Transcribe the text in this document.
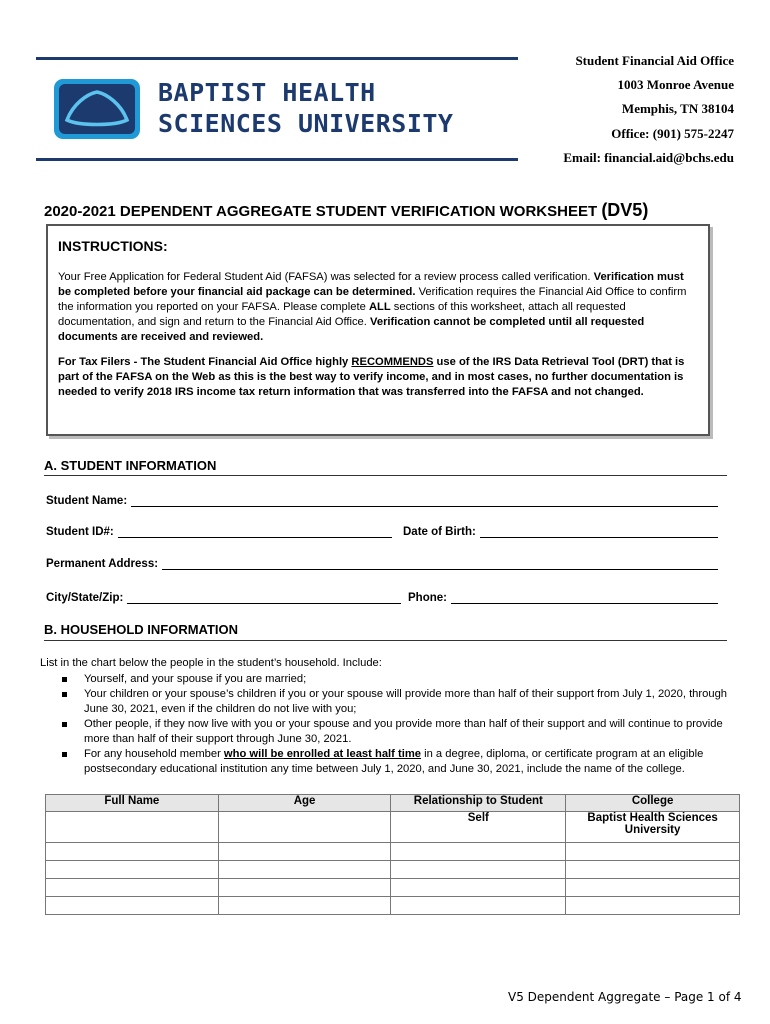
BAPTIST HEALTH
SCIENCES UNIVERSITY
Student Financial Aid Office
1003 Monroe Avenue
Memphis, TN 38104
Office: (901) 575-2247
Email: financial.aid@bchs.edu
2020-2021 DEPENDENT AGGREGATE STUDENT VERIFICATION WORKSHEET (DV5)
INSTRUCTIONS:
Your Free Application for Federal Student Aid (FAFSA) was selected for a review process called verification. Verification must be completed before your financial aid package can be determined. Verification requires the Financial Aid Office to confirm the information you reported on your FAFSA. Please complete ALL sections of this worksheet, attach all requested documentation, and sign and return to the Financial Aid Office. Verification cannot be completed until all requested documents are received and reviewed.
For Tax Filers - The Student Financial Aid Office highly RECOMMENDS use of the IRS Data Retrieval Tool (DRT) that is part of the FAFSA on the Web as this is the best way to verify income, and in most cases, no further documentation is needed to verify 2018 IRS income tax return information that was transferred into the FAFSA and not changed.
A. STUDENT INFORMATION
Student Name:
Student ID#:	Date of Birth:
Permanent Address:
City/State/Zip:	Phone:
B. HOUSEHOLD INFORMATION
List in the chart below the people in the student’s household. Include:
Yourself, and your spouse if you are married;
Your children or your spouse’s children if you or your spouse will provide more than half of their support from July 1, 2020, through June 30, 2021, even if the children do not live with you;
Other people, if they now live with you or your spouse and you provide more than half of their support and will continue to provide more than half of their support through June 30, 2021.
For any household member who will be enrolled at least half time in a degree, diploma, or certificate program at an eligible postsecondary educational institution any time between July 1, 2020, and June 30, 2021, include the name of the college.
Full Name	Age	Relationship to Student	College
		Self	Baptist Health Sciences University

V5 Dependent Aggregate – Page 1 of 4
